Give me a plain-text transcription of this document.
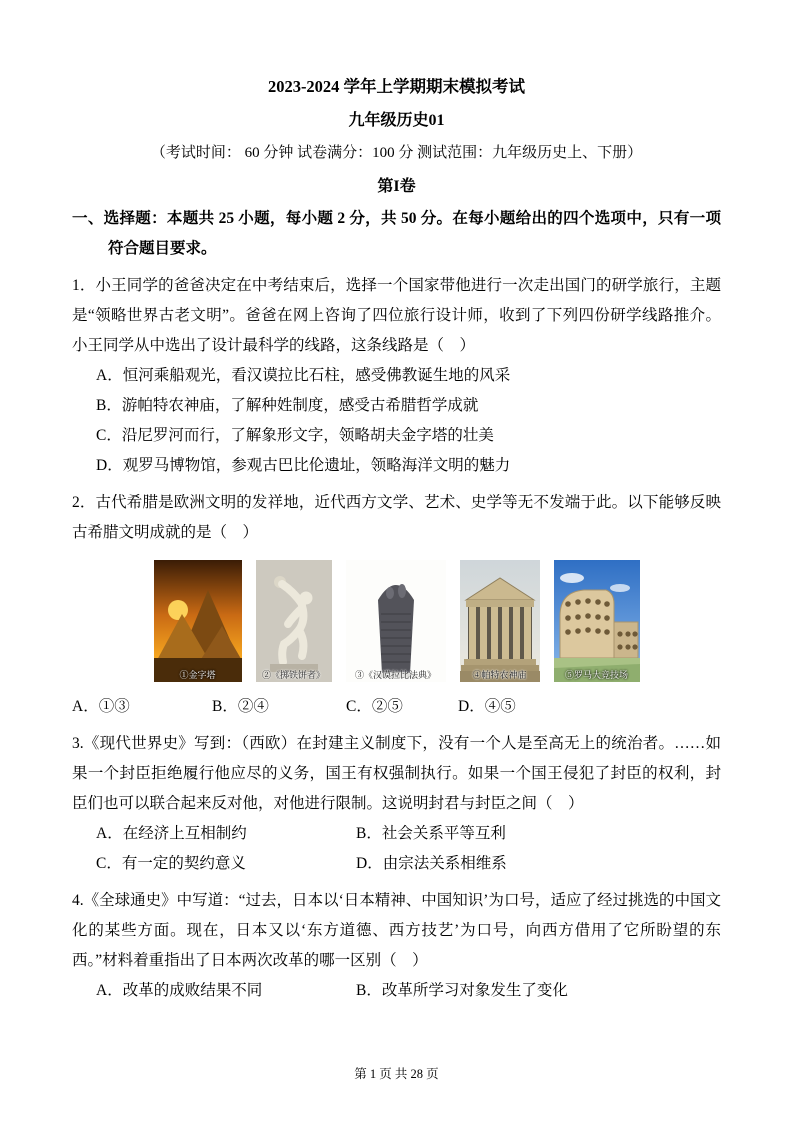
2023-2024 学年上学期期末模拟考试
九年级历史01
（考试时间： 60 分钟 试卷满分：100 分 测试范围：九年级历史上、下册）
第I卷
一、选择题：本题共 25 小题，每小题 2 分，共 50 分。在每小题给出的四个选项中，只有一项符合题目要求。

1．小王同学的爸爸决定在中考结束后，选择一个国家带他进行一次走出国门的研学旅行，主题是“领略世界古老文明”。爸爸在网上咨询了四位旅行设计师，收到了下列四份研学线路推介。小王同学从中选出了设计最科学的线路，这条线路是（　）

A．恒河乘船观光，看汉谟拉比石柱，感受佛教诞生地的风采

B．游帕特农神庙，了解种姓制度，感受古希腊哲学成就

C．沿尼罗河而行，了解象形文字，领略胡夫金字塔的壮美

D．观罗马博物馆，参观古巴比伦遗址，领略海洋文明的魅力

2．古代希腊是欧洲文明的发祥地，近代西方文学、艺术、史学等无不发端于此。以下能够反映古希腊文明成就的是（　）

①金字塔	②《掷铁饼者》	③《汉谟拉比法典》	④帕特农神庙	⑤罗马大竞技场
A．①③	B．②④	C．②⑤	D．④⑤

3.《现代世界史》写到：（西欧）在封建主义制度下，没有一个人是至高无上的统治者。……如果一个封臣拒绝履行他应尽的义务，国王有权强制执行。如果一个国王侵犯了封臣的权利，封臣们也可以联合起来反对他，对他进行限制。这说明封君与封臣之间（　）

A．在经济上互相制约	B．社会关系平等互利
C．有一定的契约意义	D．由宗法关系相维系

4.《全球通史》中写道：“过去，日本以‘日本精神、中国知识’为口号，适应了经过挑选的中国文化的某些方面。现在，日本又以‘东方道德、西方技艺’为口号，向西方借用了它所盼望的东西。”材料着重指出了日本两次改革的哪一区别（　）

A．改革的成败结果不同	B．改革所学习对象发生了变化
第 1 页 共 28 页
